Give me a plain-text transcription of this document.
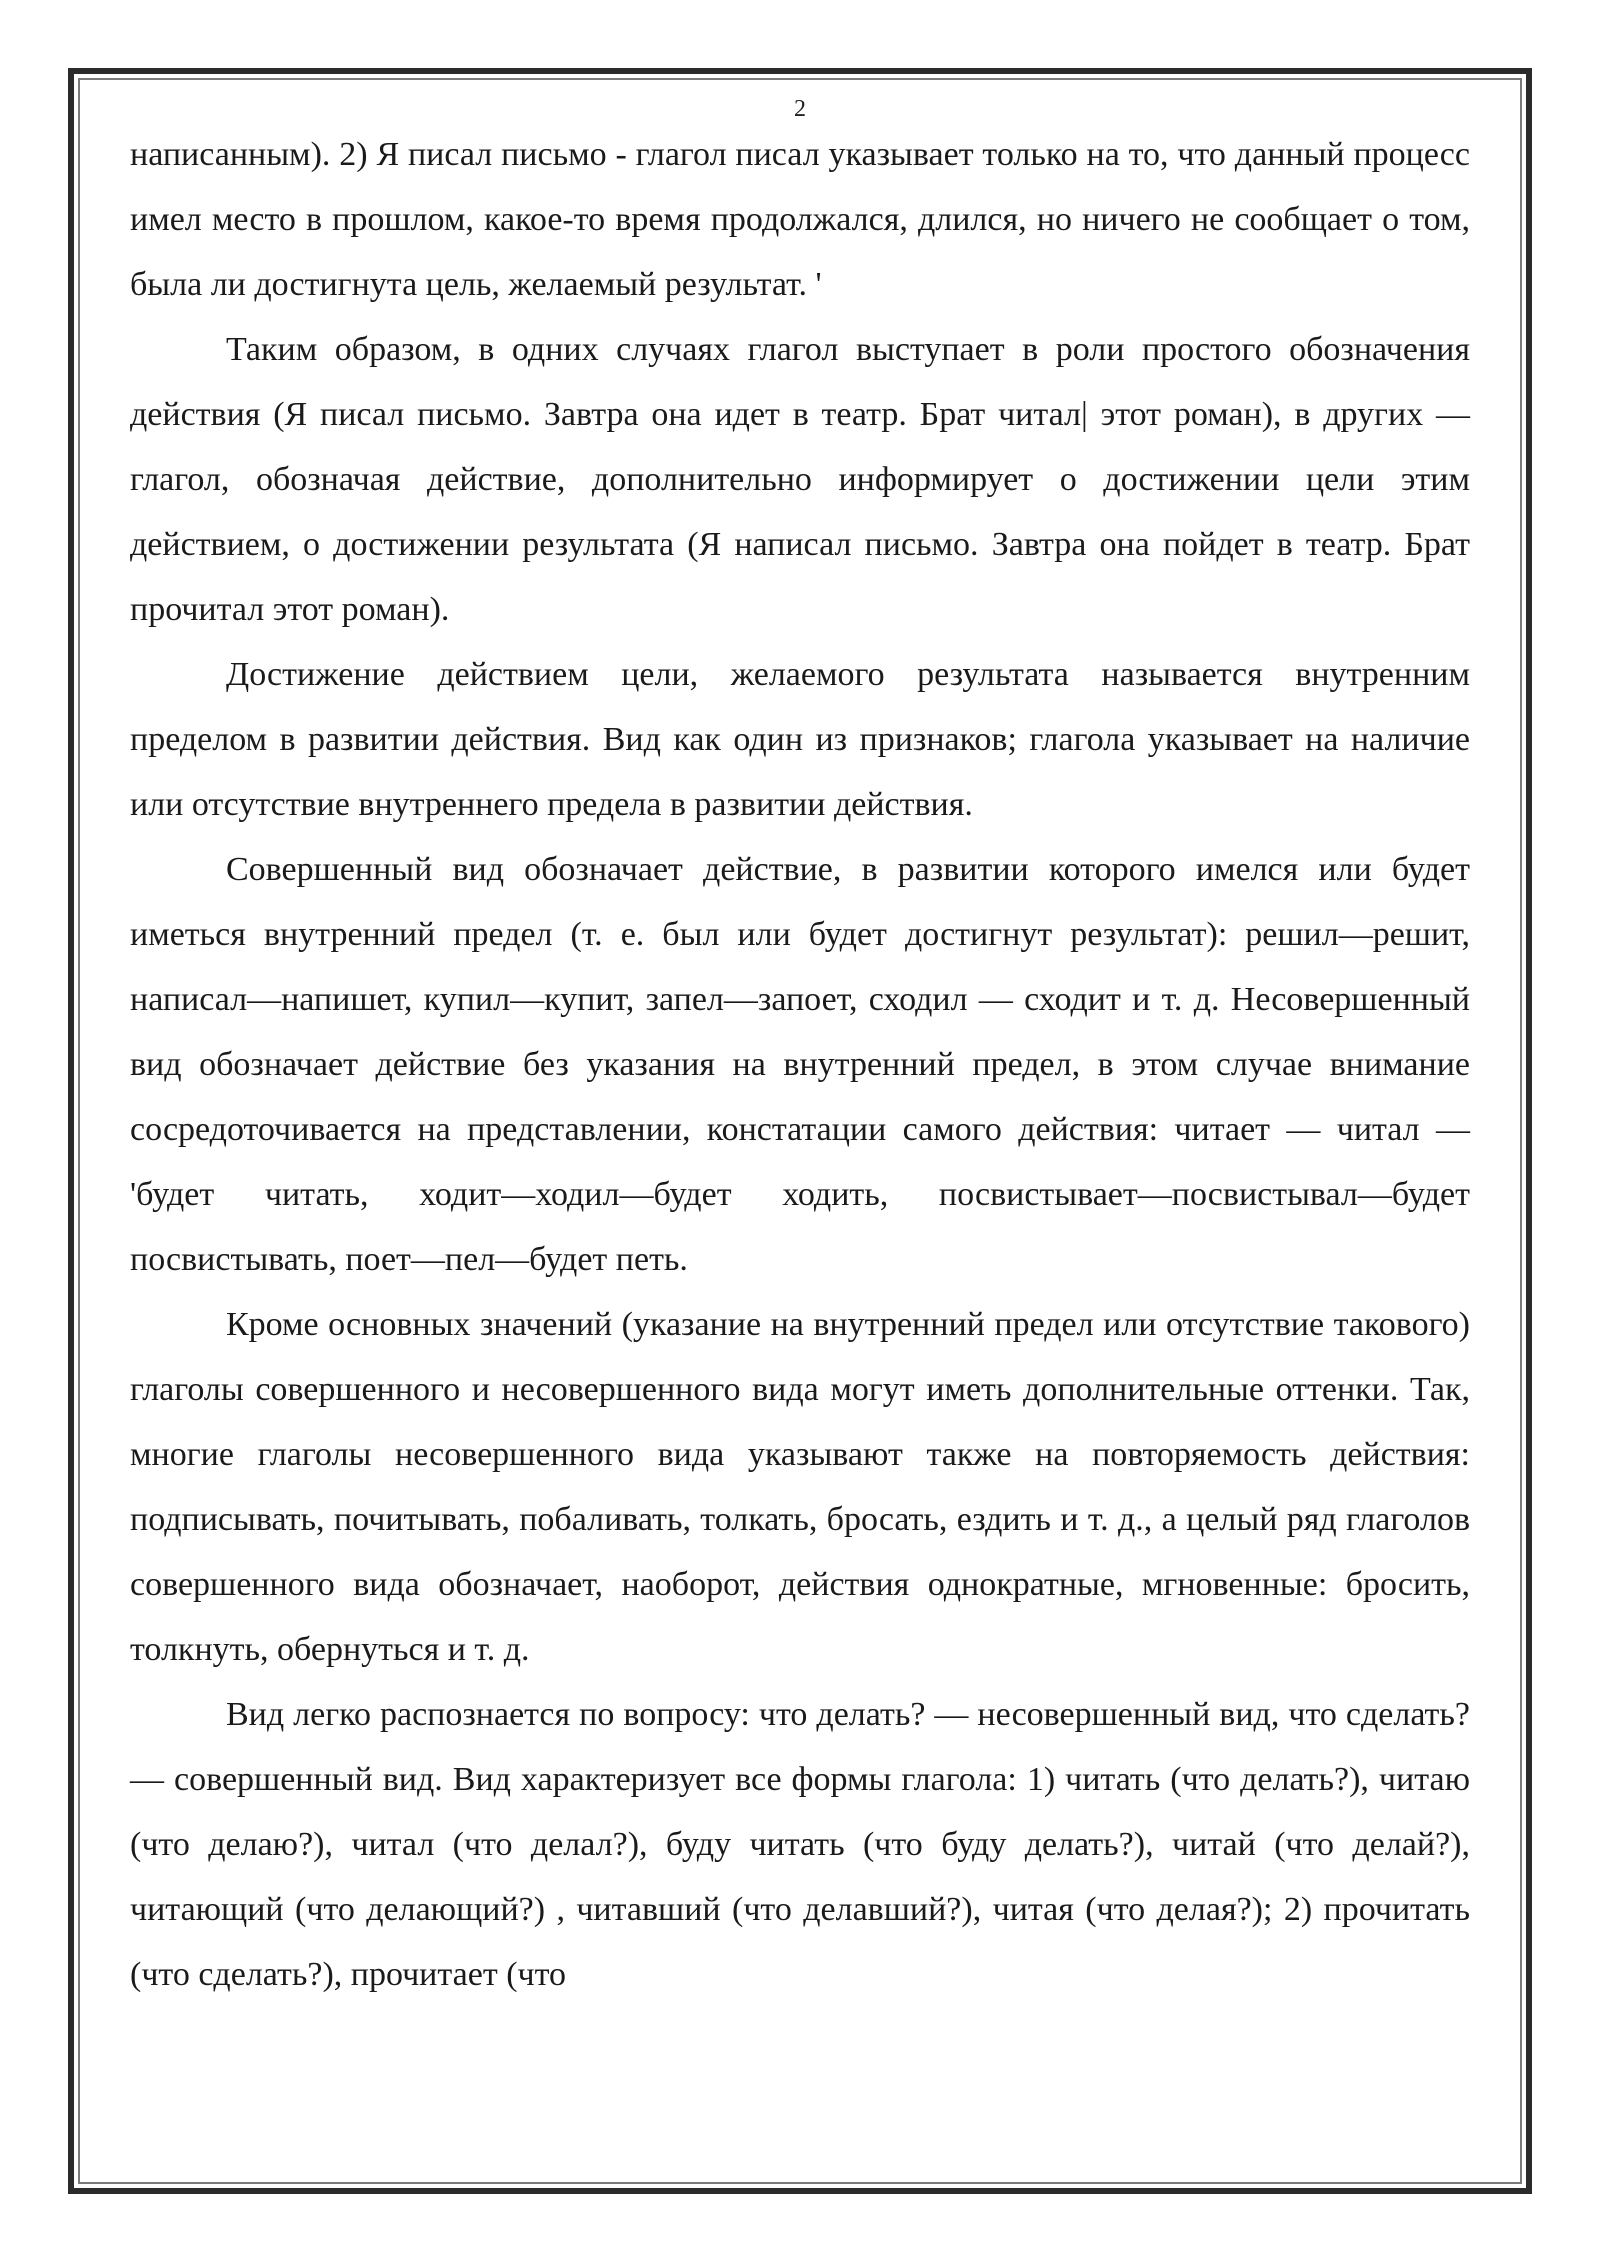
2

написанным). 2) Я писал письмо - глагол писал указывает только на то, что данный процесс имел место в прошлом, какое-то время продолжался, длился, но ничего не сообщает о том, была ли достигнута цель, желаемый результат. '

Таким образом, в одних случаях глагол выступает в роли простого обозначения действия (Я писал письмо. Завтра она идет в театр. Брат читал| этот роман), в других — глагол, обозначая действие, дополнительно информирует о достижении цели этим действием, о достижении результата (Я написал письмо. Завтра она пойдет в театр. Брат прочитал этот роман).

Достижение действием цели, желаемого результата называется внутренним пределом в развитии действия. Вид как один из признаков; глагола указывает на наличие или отсутствие внутреннего предела в развитии действия.

Совершенный вид обозначает действие, в развитии которого имелся или будет иметься внутренний предел (т. е. был или будет достигнут результат): решил—решит, написал—напишет, купил—купит, запел—запоет, сходил — сходит и т. д. Несовершенный вид обозначает действие без указания на внутренний предел, в этом случае внимание сосредоточивается на представлении, констатации самого действия: читает — читал — 'будет читать, ходит—ходил—будет ходить, посвистывает—посвистывал—будет посвистывать, поет—пел—будет петь.

Кроме основных значений (указание на внутренний предел или отсутствие такового) глаголы совершенного и несовершенного вида могут иметь дополнительные оттенки. Так, многие глаголы несовершенного вида указывают также на повторяемость действия: подписывать, почитывать, побаливать, толкать, бросать, ездить и т. д., а целый ряд глаголов совершенного вида обозначает, наоборот, действия однократные, мгновенные: бросить, толкнуть, обернуться и т. д.

Вид легко распознается по вопросу: что делать? — несовершенный вид, что сделать? — совершенный вид. Вид характеризует все формы глагола: 1) читать (что делать?), читаю (что делаю?), читал (что делал?), буду читать (что буду делать?), читай (что делай?), читающий (что делающий?) , читавший (что делавший?), читая (что делая?); 2) прочитать (что сделать?), прочитает (что
